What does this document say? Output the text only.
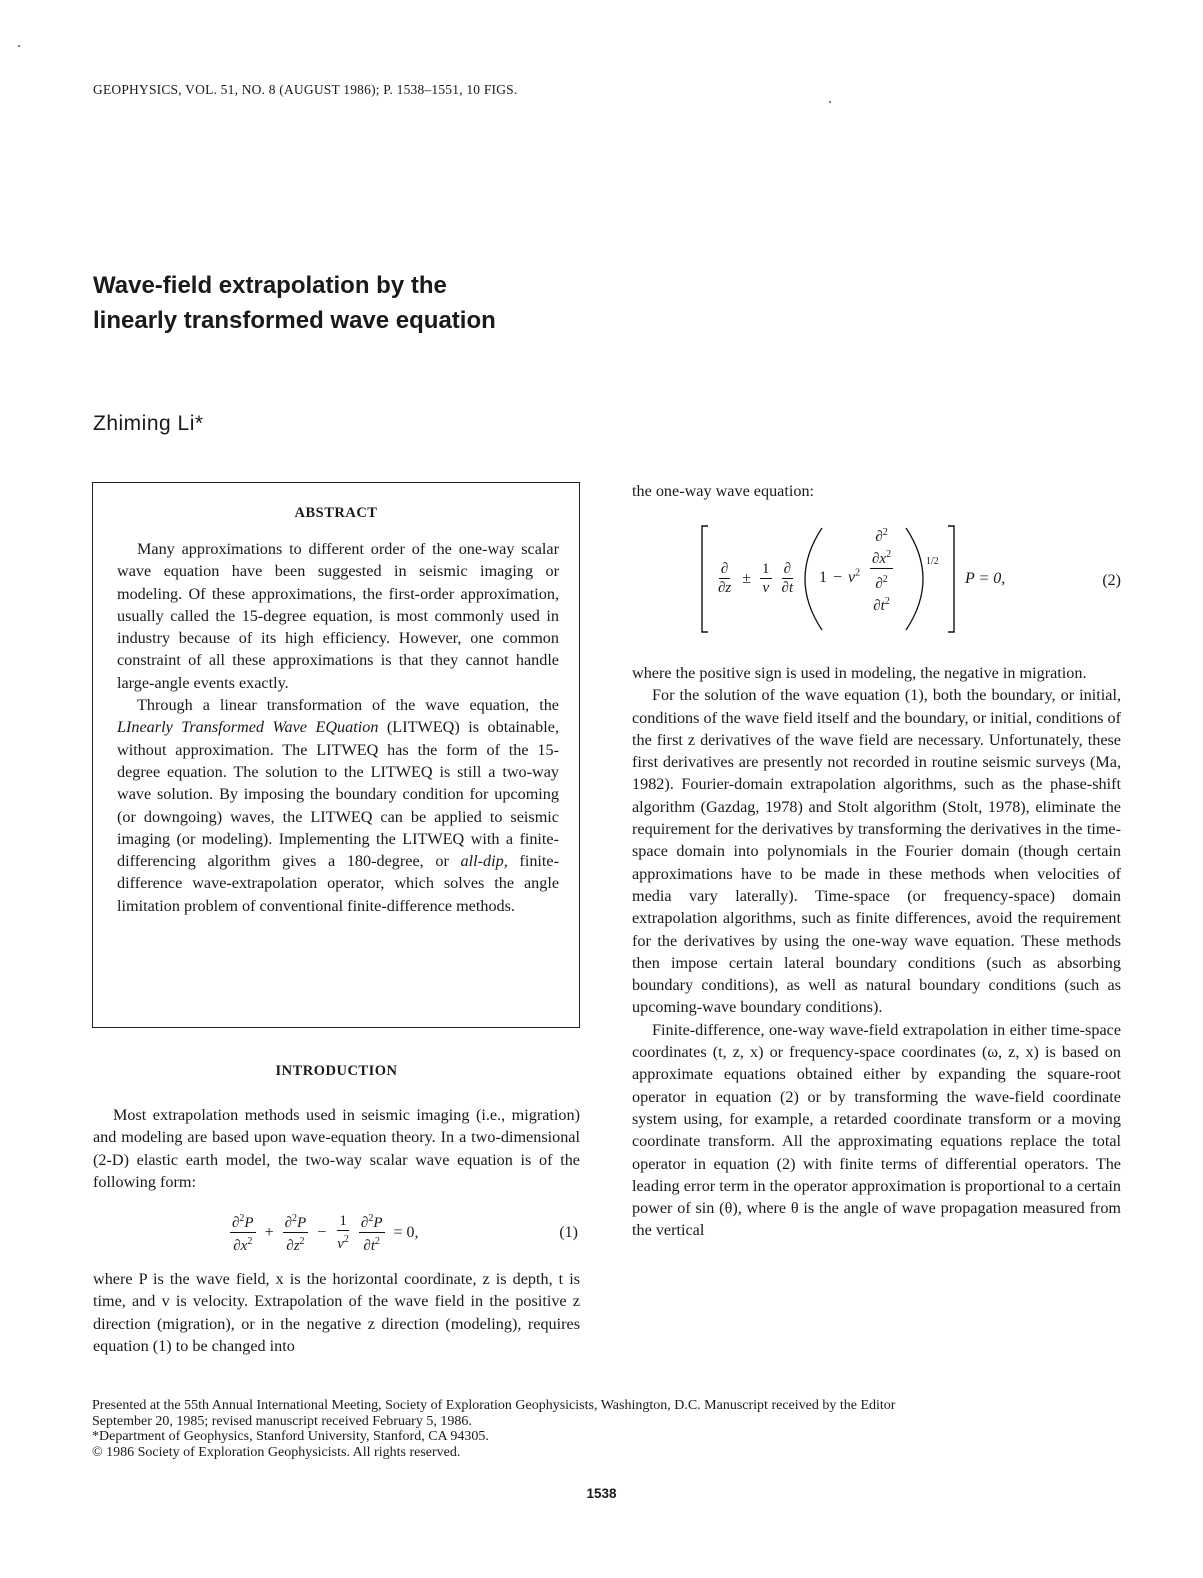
GEOPHYSICS, VOL. 51, NO. 8 (AUGUST 1986); P. 1538–1551, 10 FIGS.
Wave-field extrapolation by the
linearly transformed wave equation
Zhiming Li*
ABSTRACT

Many approximations to different order of the one-way scalar wave equation have been suggested in seismic imaging or modeling. Of these approximations, the first-order approximation, usually called the 15-degree equation, is most commonly used in industry because of its high efficiency. However, one common constraint of all these approximations is that they cannot handle large-angle events exactly.

Through a linear transformation of the wave equation, the LInearly Transformed Wave EQuation (LITWEQ) is obtainable, without approximation. The LITWEQ has the form of the 15-degree equation. The solution to the LITWEQ is still a two-way wave solution. By imposing the boundary condition for upcoming (or downgoing) waves, the LITWEQ can be applied to seismic imaging (or modeling). Implementing the LITWEQ with a finite-differencing algorithm gives a 180-degree, or all-dip, finite-difference wave-extrapolation operator, which solves the angle limitation problem of conventional finite-difference methods.

INTRODUCTION

Most extrapolation methods used in seismic imaging (i.e., migration) and modeling are based upon wave-equation theory. In a two-dimensional (2-D) elastic earth model, the two-way scalar wave equation is of the following form:

$\frac{\partial^2P}{\partial x^2} + \frac{\partial^2P}{\partial z^2} - \frac{1}{v^2}$
$\frac{\partial^2P}{\partial t^2} = 0$,	(1)

where P is the wave field, x is the horizontal coordinate, z is depth, t is time, and v is velocity. Extrapolation of the wave field in the positive z direction (migration), or in the negative z direction (modeling), requires equation (1) to be changed into

the one-way wave equation:

$\frac{\partial}{\partial z} \pm \frac{1}{v}$
$\frac{\partial}{\partial t} 1 - v^2$
∂$^2$
$\partial x^2$
∂$^2$
$\partial t^2$
1/2
P = 0,	(2)

where the positive sign is used in modeling, the negative in migration.

For the solution of the wave equation (1), both the boundary, or initial, conditions of the wave field itself and the boundary, or initial, conditions of the first z derivatives of the wave field are necessary. Unfortunately, these first derivatives are presently not recorded in routine seismic surveys (Ma, 1982). Fourier-domain extrapolation algorithms, such as the phase-shift algorithm (Gazdag, 1978) and Stolt algorithm (Stolt, 1978), eliminate the requirement for the derivatives by transforming the derivatives in the time-space domain into polynomials in the Fourier domain (though certain approximations have to be made in these methods when velocities of media vary laterally). Time-space (or frequency-space) domain extrapolation algorithms, such as finite differences, avoid the requirement for the derivatives by using the one-way wave equation. These methods then impose certain lateral boundary conditions (such as absorbing boundary conditions), as well as natural boundary conditions (such as upcoming-wave boundary conditions).

Finite-difference, one-way wave-field extrapolation in either time-space coordinates (t, z, x) or frequency-space coordinates (ω, z, x) is based on approximate equations obtained either by expanding the square-root operator in equation (2) or by transforming the wave-field coordinate system using, for example, a retarded coordinate transform or a moving coordinate transform. All the approximating equations replace the total operator in equation (2) with finite terms of differential operators. The leading error term in the operator approximation is proportional to a certain power of sin (θ), where θ is the angle of wave propagation measured from the vertical

Presented at the 55th Annual International Meeting, Society of Exploration Geophysicists, Washington, D.C. Manuscript received by the Editor
September 20, 1985; revised manuscript received February 5, 1986.
*Department of Geophysics, Stanford University, Stanford, CA 94305.
© 1986 Society of Exploration Geophysicists. All rights reserved.
1538
